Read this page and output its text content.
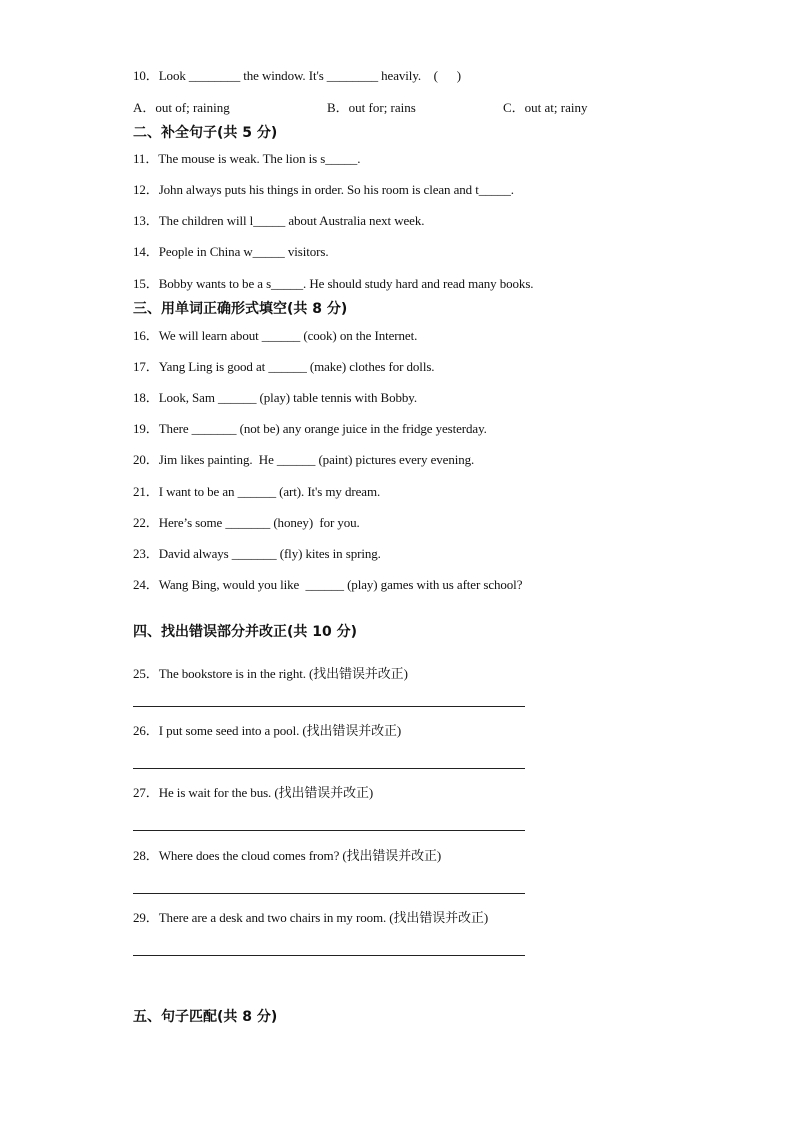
10．Look ________ the window. It's ________ heavily.    (      )
A．out of; raining	B．out for; rains	C．out at; rainy
二、补全句子(共 5 分)
11．The mouse is weak. The lion is s_____.
12．John always puts his things in order. So his room is clean and t_____.
13．The children will l_____ about Australia next week.
14．People in China w_____ visitors.
15．Bobby wants to be a s_____. He should study hard and read many books.
三、用单词正确形式填空(共 8 分)
16．We will learn about ______ (cook) on the Internet.
17．Yang Ling is good at ______ (make) clothes for dolls.
18．Look, Sam ______ (play) table tennis with Bobby.
19．There _______ (not be) any orange juice in the fridge yesterday.
20．Jim likes painting.  He ______ (paint) pictures every evening.
21．I want to be an ______ (art). It's my dream.
22．Here’s some _______ (honey)  for you.
23．David always _______ (fly) kites in spring.
24．Wang Bing, would you like  ______ (play) games with us after school?
四、找出错误部分并改正(共 10 分)
25．The bookstore is in the right. (找出错误并改正)
26．I put some seed into a pool. (找出错误并改正)
27．He is wait for the bus. (找出错误并改正)
28．Where does the cloud comes from? (找出错误并改正)
29．There are a desk and two chairs in my room. (找出错误并改正)
五、句子匹配(共 8 分)
